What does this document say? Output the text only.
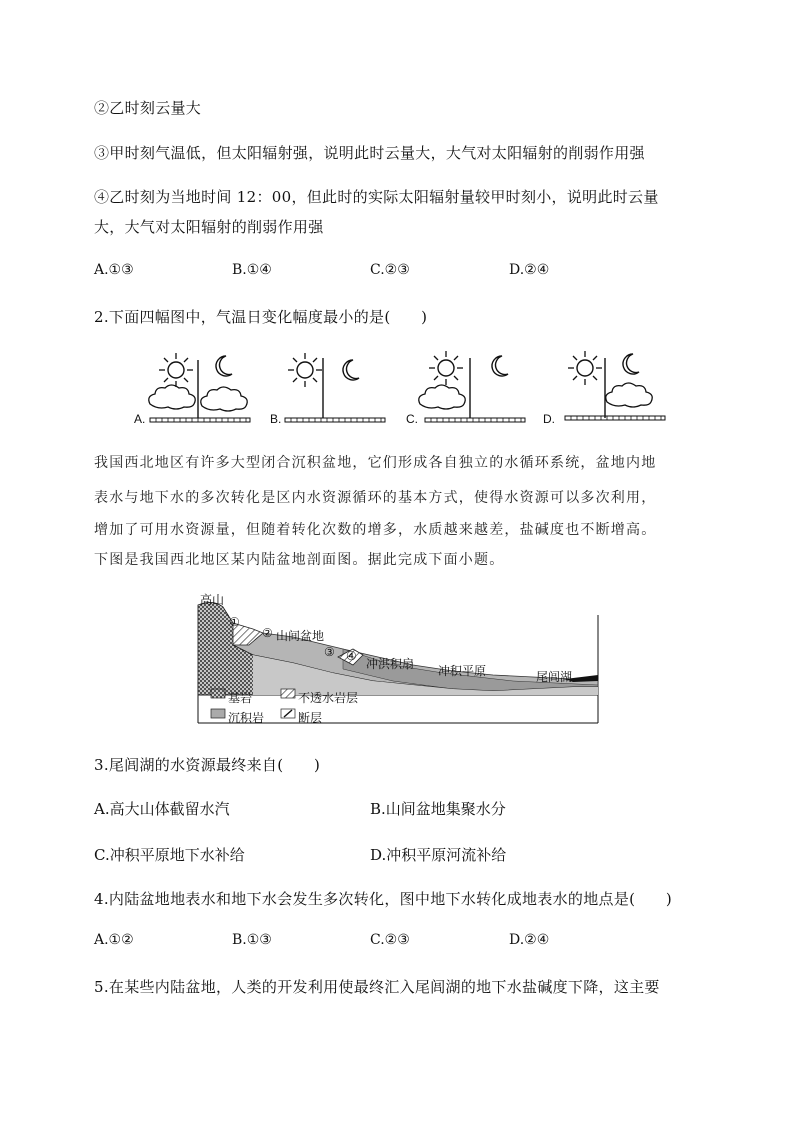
②乙时刻云量大
③甲时刻气温低，但太阳辐射强，说明此时云量大，大气对太阳辐射的削弱作用强
④乙时刻为当地时间 12：00，但此时的实际太阳辐射量较甲时刻小，说明此时云量
大，大气对太阳辐射的削弱作用强
A.①③	B.①④	C.②③	D.②④
2.下面四幅图中，气温日变化幅度最小的是(　　)
A.	B.	C.	D.
我国西北地区有许多大型闭合沉积盆地，它们形成各自独立的水循环系统，盆地内地
表水与地下水的多次转化是区内水资源循环的基本方式，使得水资源可以多次利用，
增加了可用水资源量，但随着转化次数的增多，水质越来越差，盐碱度也不断增高。
下图是我国西北地区某内陆盆地剖面图。据此完成下面小题。
高山
①
② 山间盆地
③ ④
冲洪积扇 冲积平原	尾闾湖
基岩	不透水岩层
沉积岩	断层
3.尾闾湖的水资源最终来自(　　)
A.高大山体截留水汽	B.山间盆地集聚水分
C.冲积平原地下水补给	D.冲积平原河流补给
4.内陆盆地地表水和地下水会发生多次转化，图中地下水转化成地表水的地点是(　　)
A.①②	B.①③	C.②③	D.②④
5.在某些内陆盆地，人类的开发利用使最终汇入尾闾湖的地下水盐碱度下降，这主要
